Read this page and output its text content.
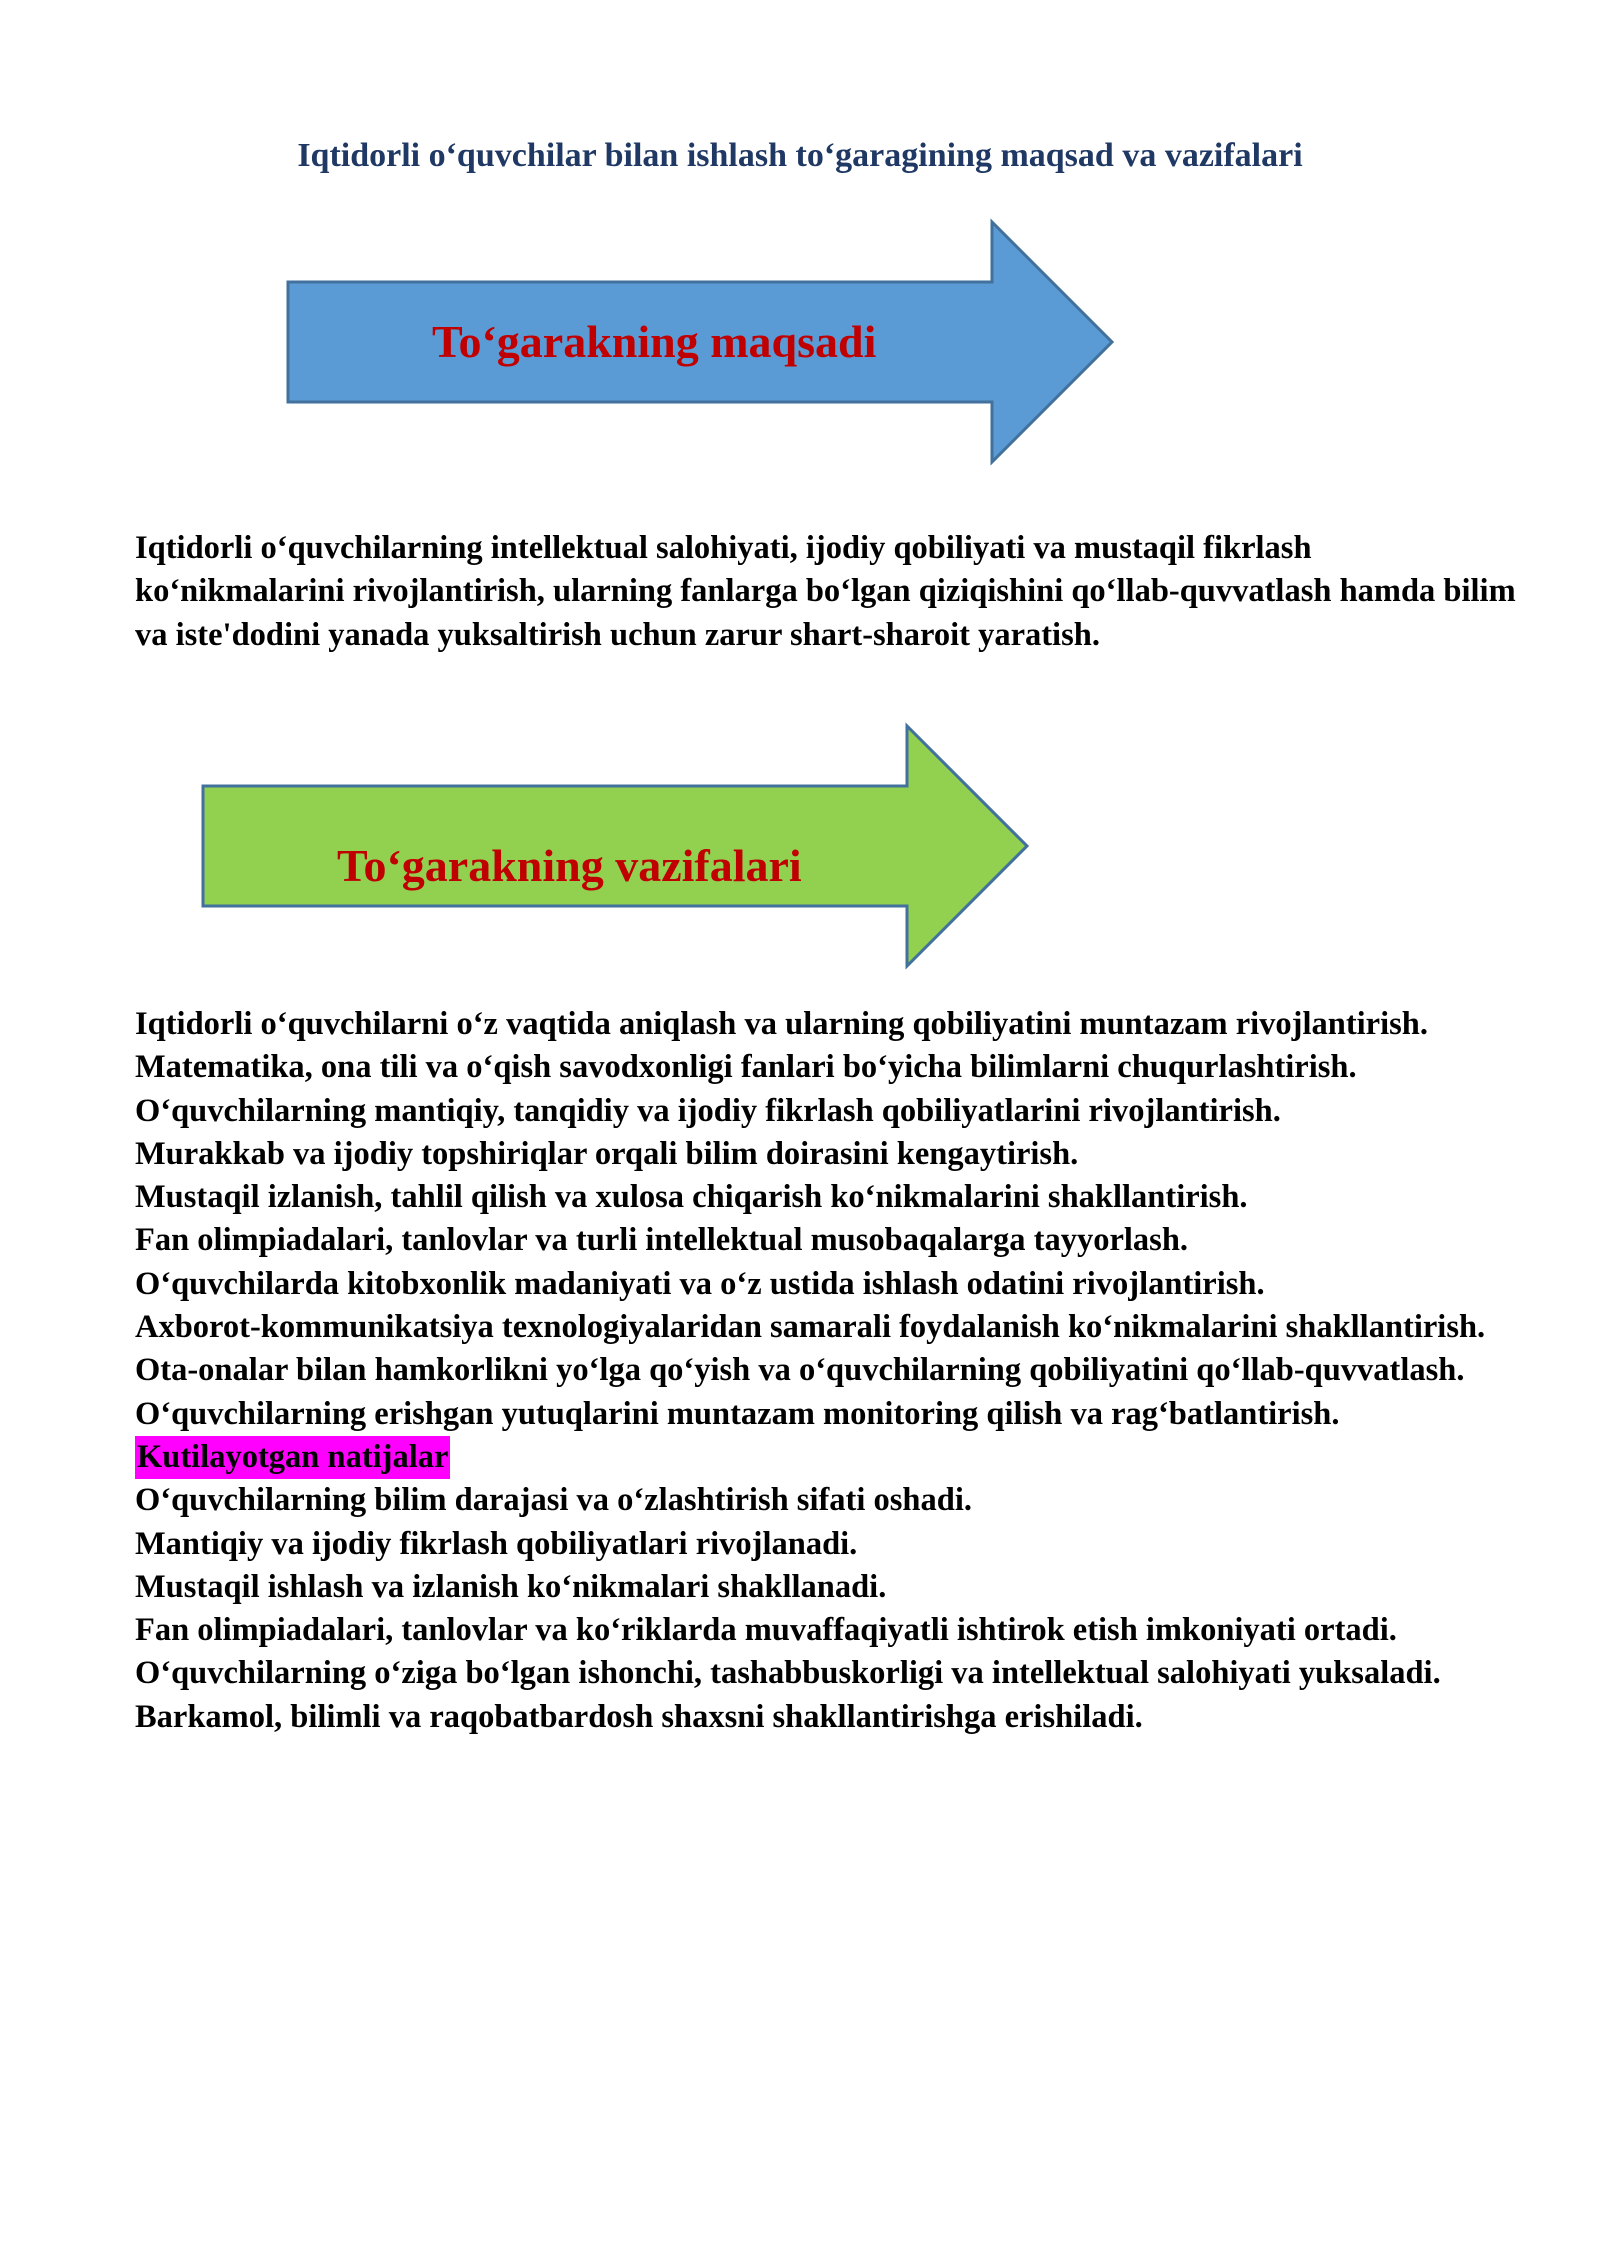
Iqtidorli o‘quvchilar bilan ishlash to‘garagining maqsad va vazifalari
To‘garakning maqsadi

Iqtidorli o‘quvchilarning intellektual salohiyati, ijodiy qobiliyati va mustaqil fikrlash ko‘nikmalarini rivojlantirish, ularning fanlarga bo‘lgan qiziqishini qo‘llab-quvvatlash hamda bilim va iste'dodini yanada yuksaltirish uchun zarur shart-sharoit yaratish.

To‘garakning vazifalari

Iqtidorli o‘quvchilarni o‘z vaqtida aniqlash va ularning qobiliyatini muntazam rivojlantirish.

Matematika, ona tili va o‘qish savodxonligi fanlari bo‘yicha bilimlarni chuqurlashtirish.

O‘quvchilarning mantiqiy, tanqidiy va ijodiy fikrlash qobiliyatlarini rivojlantirish.

Murakkab va ijodiy topshiriqlar orqali bilim doirasini kengaytirish.

Mustaqil izlanish, tahlil qilish va xulosa chiqarish ko‘nikmalarini shakllantirish.

Fan olimpiadalari, tanlovlar va turli intellektual musobaqalarga tayyorlash.

O‘quvchilarda kitobxonlik madaniyati va o‘z ustida ishlash odatini rivojlantirish.

Axborot-kommunikatsiya texnologiyalaridan samarali foydalanish ko‘nikmalarini shakllantirish.

Ota-onalar bilan hamkorlikni yo‘lga qo‘yish va o‘quvchilarning qobiliyatini qo‘llab-quvvatlash.

O‘quvchilarning erishgan yutuqlarini muntazam monitoring qilish va rag‘batlantirish.

Kutilayotgan natijalar

O‘quvchilarning bilim darajasi va o‘zlashtirish sifati oshadi.

Mantiqiy va ijodiy fikrlash qobiliyatlari rivojlanadi.

Mustaqil ishlash va izlanish ko‘nikmalari shakllanadi.

Fan olimpiadalari, tanlovlar va ko‘riklarda muvaffaqiyatli ishtirok etish imkoniyati ortadi.

O‘quvchilarning o‘ziga bo‘lgan ishonchi, tashabbuskorligi va intellektual salohiyati yuksaladi.

Barkamol, bilimli va raqobatbardosh shaxsni shakllantirishga erishiladi.
